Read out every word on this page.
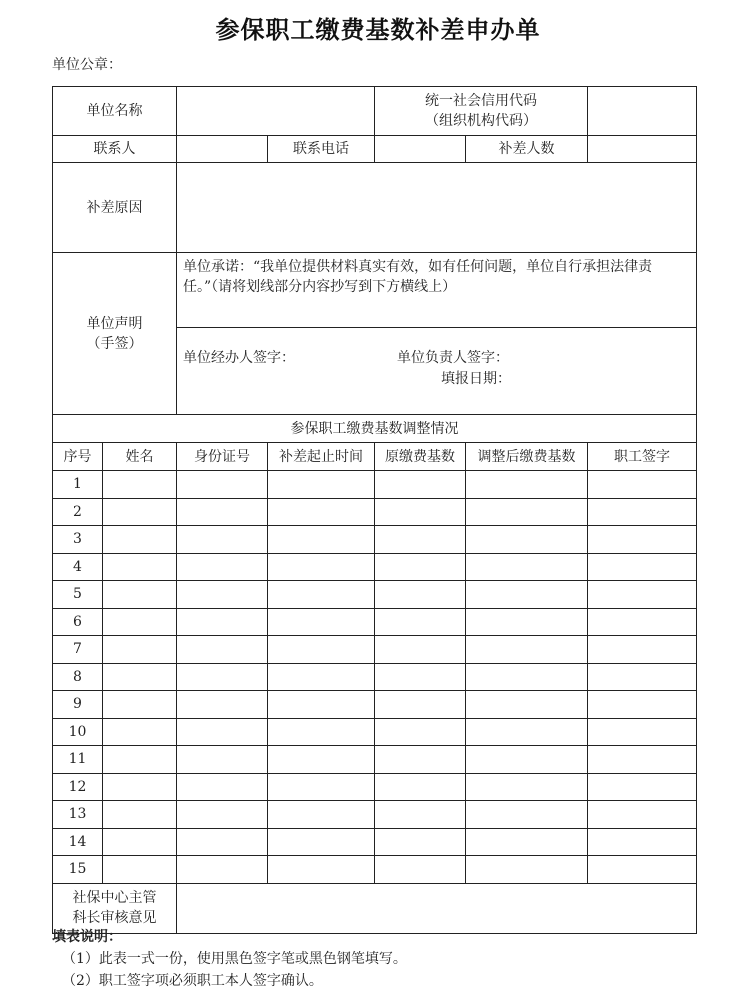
参保职工缴费基数补差申办单
单位公章：
单位名称				统一社会信用代码
（组织机构代码）		

联系人			联系电话		补差人数	
补差原因						

单位声明
（手签）		单位承诺：“我单位提供材料真实有效，如有任何问题，单位自行承担法律责任。”（请将划线部分内容抄写到下方横线上）				

		单位经办人签字： 单位负责人签字：
填报日期：				

参保职工缴费基数调整情况						
序号	姓名	身份证号	补差起止时间	原缴费基数	调整后缴费基数	职工签字
1						
2						
3						
4						
5						
6						
7						
8						
9						
10						
11						
12						
13						
14						
15						

社保中心主管
科长审核意见						

填表说明：
（1）此表一式一份，使用黑色签字笔或黑色钢笔填写。
（2）职工签字项必须职工本人签字确认。
